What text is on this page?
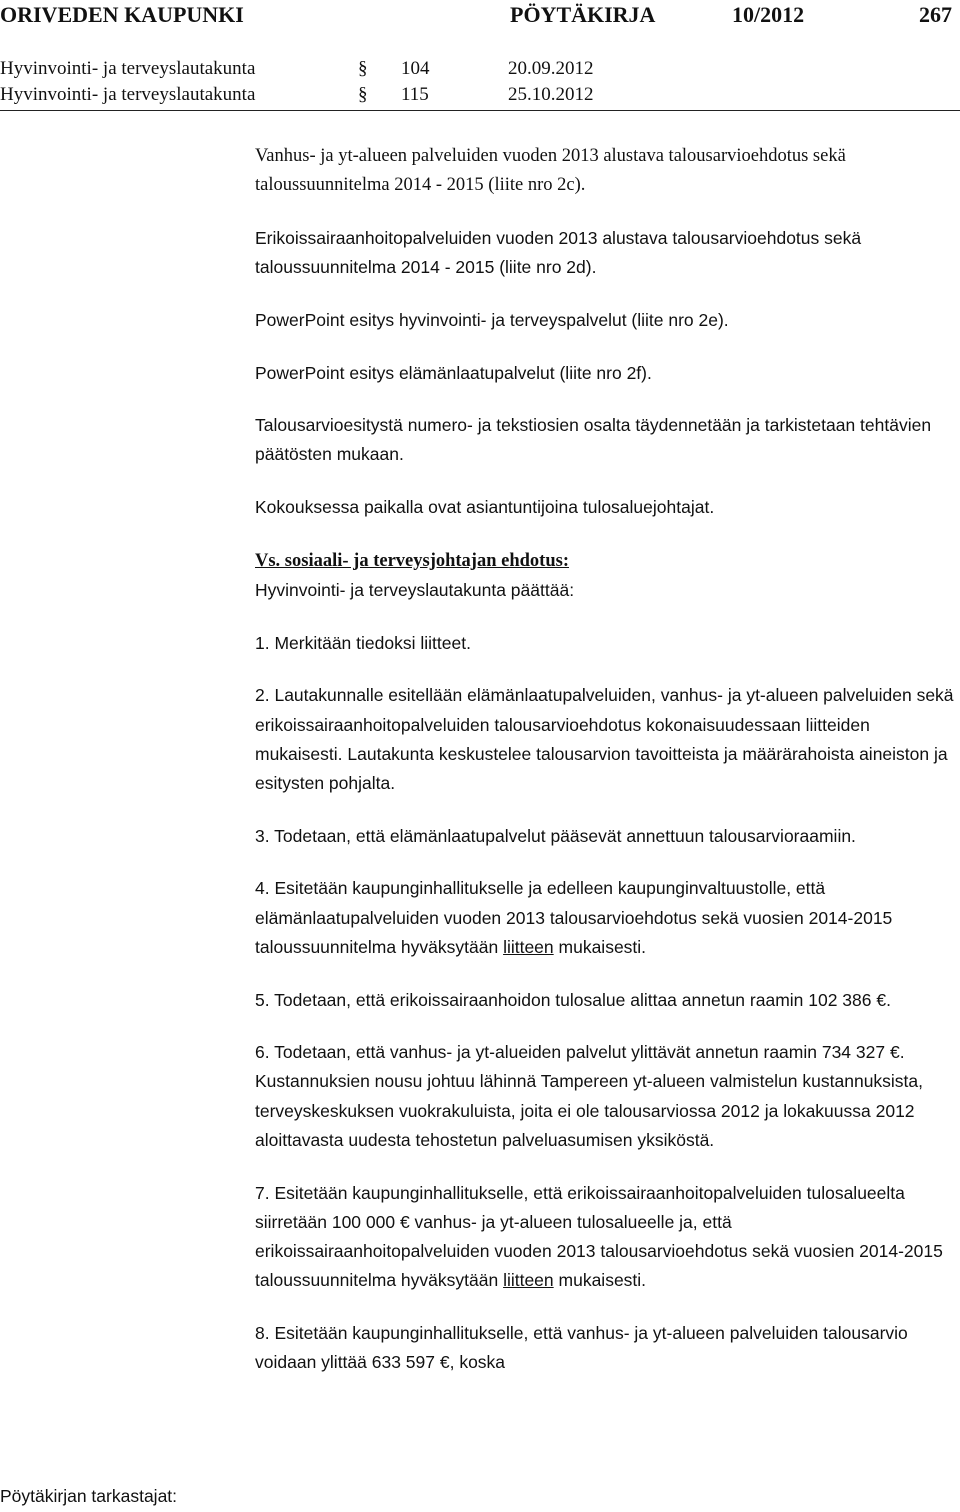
ORIVEDEN KAUPUNKI	PÖYTÄKIRJA	10/2012	267
Hyvinvointi- ja terveyslautakunta	§ 104	20.09.2012
Hyvinvointi- ja terveyslautakunta	§ 115	25.10.2012

Vanhus- ja yt-alueen palveluiden vuoden 2013 alustava talousarvioehdotus sekä taloussuunnitelma 2014 - 2015 (liite nro 2c).

Erikoissairaanhoitopalveluiden vuoden 2013 alustava talousarvioehdotus sekä taloussuunnitelma 2014 - 2015 (liite nro 2d).

PowerPoint esitys hyvinvointi- ja terveyspalvelut (liite nro 2e).

PowerPoint esitys elämänlaatupalvelut (liite nro 2f).

Talousarvioesitystä numero- ja tekstiosien osalta täydennetään ja tarkistetaan tehtävien päätösten mukaan.

Kokouksessa paikalla ovat asiantuntijoina tulosaluejohtajat.

Vs. sosiaali- ja terveysjohtajan ehdotus:
Hyvinvointi- ja terveyslautakunta päättää:

1. Merkitään tiedoksi liitteet.

2. Lautakunnalle esitellään elämänlaatupalveluiden, vanhus- ja yt-alueen palveluiden sekä erikoissairaanhoitopalveluiden talousarvioehdotus kokonaisuudessaan liitteiden mukaisesti. Lautakunta keskustelee talousarvion tavoitteista ja määrärahoista aineiston ja esitysten pohjalta.

3. Todetaan, että elämänlaatupalvelut pääsevät annettuun talousarvioraamiin.

4. Esitetään kaupunginhallitukselle ja edelleen kaupunginvaltuustolle, että elämänlaatupalveluiden vuoden 2013 talousarvioehdotus sekä vuosien 2014-2015 taloussuunnitelma hyväksytään liitteen mukaisesti.

5. Todetaan, että erikoissairaanhoidon tulosalue alittaa annetun raamin 102 386 €.

6. Todetaan, että vanhus- ja yt-alueiden palvelut ylittävät annetun raamin 734 327 €. Kustannuksien nousu johtuu lähinnä Tampereen yt-alueen valmistelun kustannuksista, terveyskeskuksen vuokrakuluista, joita ei ole talousarviossa 2012 ja lokakuussa 2012 aloittavasta uudesta tehostetun palveluasumisen yksiköstä.

7. Esitetään kaupunginhallitukselle, että erikoissairaanhoitopalveluiden tulosalueelta siirretään 100 000 € vanhus- ja yt-alueen tulosalueelle ja, että erikoissairaanhoitopalveluiden vuoden 2013 talousarvioehdotus sekä vuosien 2014-2015 taloussuunnitelma hyväksytään liitteen mukaisesti.

8. Esitetään kaupunginhallitukselle, että vanhus- ja yt-alueen palveluiden talousarvio voidaan ylittää 633 597 €, koska

Pöytäkirjan tarkastajat:
